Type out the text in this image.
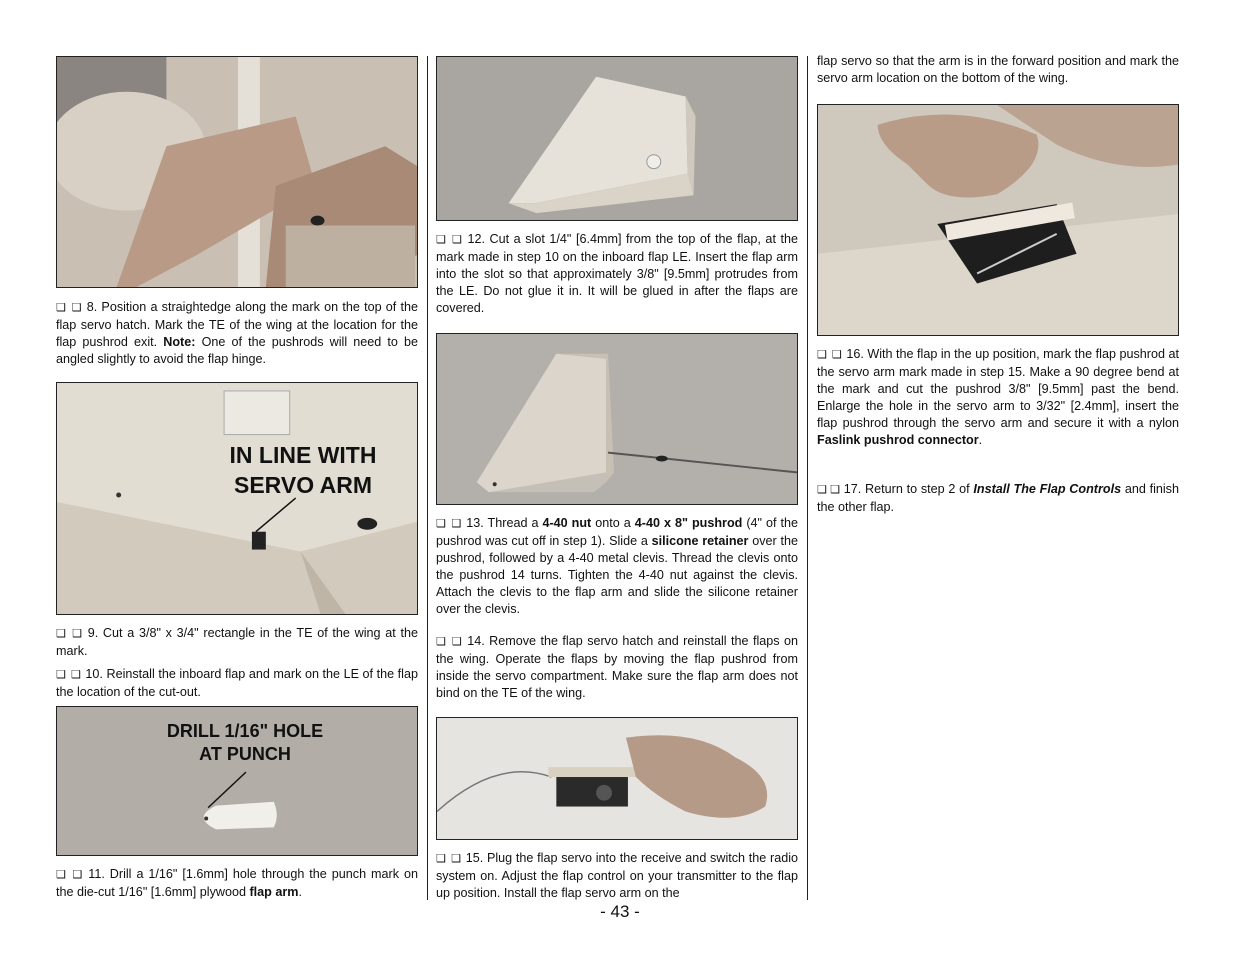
❑ ❑ 8. Position a straightedge along the mark on the top of the flap servo hatch. Mark the TE of the wing at the location for the flap pushrod exit. Note: One of the pushrods will need to be angled slightly to avoid the flap hinge.
IN LINE WITH
SERVO ARM
❑ ❑ 9. Cut a 3/8" x 3/4" rectangle in the TE of the wing at the mark.
❑ ❑ 10. Reinstall the inboard flap and mark on the LE of the flap the location of the cut-out.
DRILL 1/16" HOLE
AT PUNCH
❑ ❑ 11. Drill a 1/16" [1.6mm] hole through the punch mark on the die-cut 1/16" [1.6mm] plywood flap arm.
❑ ❑ 12. Cut a slot 1/4" [6.4mm] from the top of the flap, at the mark made in step 10 on the inboard flap LE. Insert the flap arm into the slot so that approximately 3/8" [9.5mm] protrudes from the LE. Do not glue it in. It will be glued in after the flaps are covered.
❑ ❑ 13. Thread a 4-40 nut onto a 4-40 x 8" pushrod (4" of the pushrod was cut off in step 1). Slide a silicone retainer over the pushrod, followed by a 4-40 metal clevis. Thread the clevis onto the pushrod 14 turns. Tighten the 4-40 nut against the clevis. Attach the clevis to the flap arm and slide the silicone retainer over the clevis.
❑ ❑ 14. Remove the flap servo hatch and reinstall the flaps on the wing. Operate the flaps by moving the flap pushrod from inside the servo compartment. Make sure the flap arm does not bind on the TE of the wing.
❑ ❑ 15. Plug the flap servo into the receive and switch the radio system on. Adjust the flap control on your transmitter to the flap up position. Install the flap servo arm on the
flap servo so that the arm is in the forward position and mark the servo arm location on the bottom of the wing.
❑ ❑ 16. With the flap in the up position, mark the flap pushrod at the servo arm mark made in step 15. Make a 90 degree bend at the mark and cut the pushrod 3/8" [9.5mm] past the bend. Enlarge the hole in the servo arm to 3/32" [2.4mm], insert the flap pushrod through the servo arm and secure it with a nylon Faslink pushrod connector.
❑ ❑ 17. Return to step 2 of Install The Flap Controls and finish the other flap.
- 43 -
